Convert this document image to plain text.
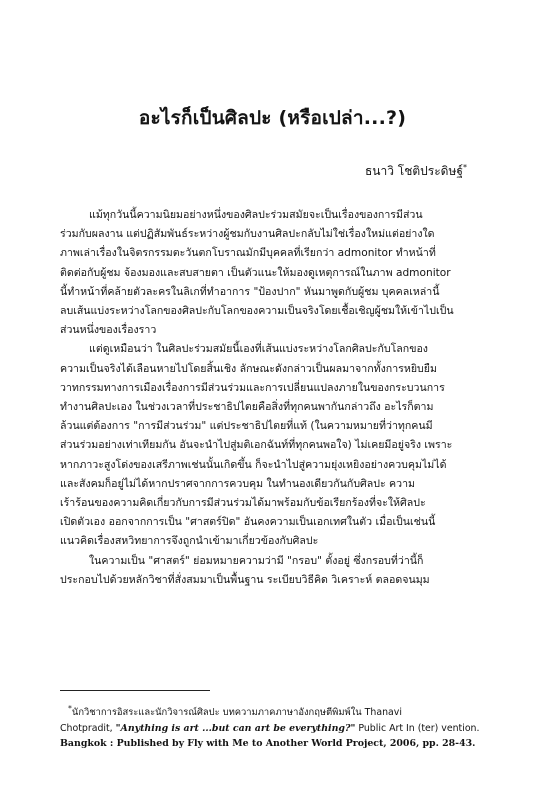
อะไรก็เป็นศิลปะ (หรือเปล่า...?)
ธนาวิ โชติประดิษฐ์*
แม้ทุกวันนี้ความนิยมอย่างหนึ่งของศิลปะร่วมสมัยจะเป็นเรื่องของการมีส่วน
ร่วมกับผลงาน แต่ปฏิสัมพันธ์ระหว่างผู้ชมกับงานศิลปะกลับไม่ใช่เรื่องใหม่แต่อย่างใด
ภาพเล่าเรื่องในจิตรกรรมตะวันตกโบราณมักมีบุคคลที่เรียกว่า admonitor ทำหน้าที่
ติดต่อกับผู้ชม จ้องมองและสบสายตา เป็นตัวแนะให้มองดูเหตุการณ์ในภาพ admonitor
นี้ทำหน้าที่คล้ายตัวละครในลิเกที่ทำอาการ "ป้องปาก" หันมาพูดกับผู้ชม บุคคลเหล่านี้
ลบเส้นแบ่งระหว่างโลกของศิลปะกับโลกของความเป็นจริงโดยเชื้อเชิญผู้ชมให้เข้าไปเป็น
ส่วนหนึ่งของเรื่องราว
แต่ดูเหมือนว่า ในศิลปะร่วมสมัยนี้เองที่เส้นแบ่งระหว่างโลกศิลปะกับโลกของ
ความเป็นจริงได้เลือนหายไปโดยสิ้นเชิง ลักษณะดังกล่าวเป็นผลมาจากทั้งการหยิบยืม
วาทกรรมทางการเมืองเรื่องการมีส่วนร่วมและการเปลี่ยนแปลงภายในของกระบวนการ
ทำงานศิลปะเอง ในช่วงเวลาที่ประชาธิปไตยคือสิ่งที่ทุกคนพากันกล่าวถึง อะไรก็ตาม
ล้วนแต่ต้องการ "การมีส่วนร่วม" แต่ประชาธิปไตยที่แท้ (ในความหมายที่ว่าทุกคนมี
ส่วนร่วมอย่างเท่าเทียมกัน อันจะนำไปสู่มติเอกฉันท์ที่ทุกคนพอใจ) ไม่เคยมีอยู่จริง เพราะ
หากภาวะสูงโด่งของเสรีภาพเช่นนั้นเกิดขึ้น ก็จะนำไปสู่ความยุ่งเหยิงอย่างควบคุมไม่ได้
และสังคมก็อยู่ไม่ได้หากปราศจากการควบคุม ในทำนองเดียวกันกับศิลปะ ความ
เร้าร้อนของความคิดเกี่ยวกับการมีส่วนร่วมได้มาพร้อมกับข้อเรียกร้องที่จะให้ศิลปะ
เปิดตัวเอง ออกจากการเป็น "ศาสตร์ปิด" อันคงความเป็นเอกเทศในตัว เมื่อเป็นเช่นนี้
แนวคิดเรื่องสหวิทยาการจึงถูกนำเข้ามาเกี่ยวข้องกับศิลปะ
ในความเป็น "ศาสตร์" ย่อมหมายความว่ามี "กรอบ" ตั้งอยู่ ซึ่งกรอบที่ว่านี้ก็
ประกอบไปด้วยหลักวิชาที่สั่งสมมาเป็นพื้นฐาน ระเบียบวิธีคิด วิเคราะห์ ตลอดจนมุม
*นักวิชาการอิสระและนักวิจารณ์ศิลปะ บทความภาคภาษาอังกฤษตีพิมพ์ใน Thanavi
Chotpradit, "Anything is art ...but can art be everything?" Public Art In (ter) vention.
Bangkok : Published by Fly with Me to Another World Project, 2006, pp. 28-43.
